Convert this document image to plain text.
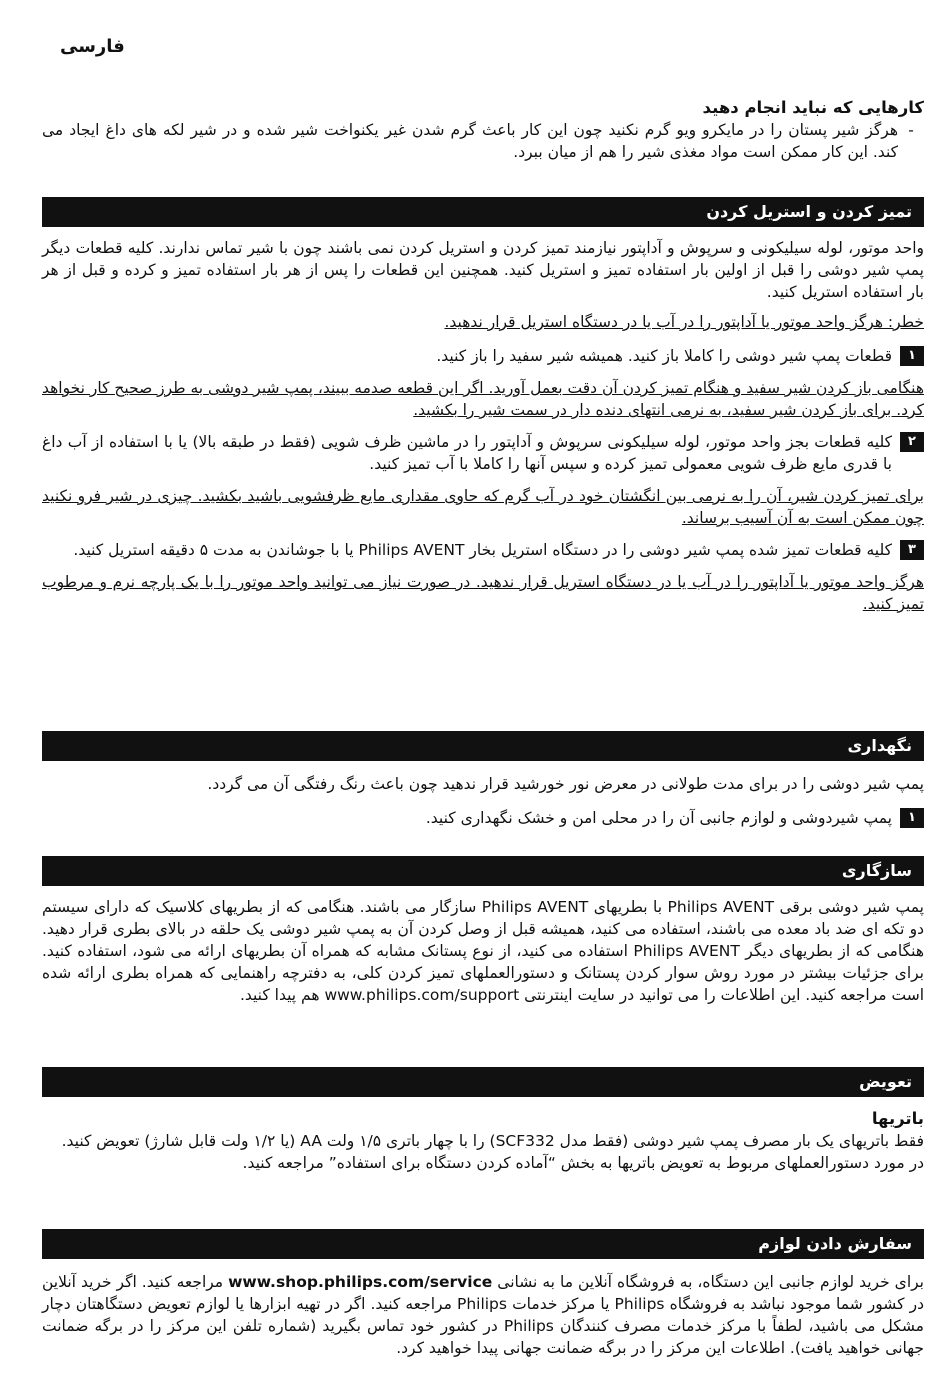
فارسی
کارهایی که نباید انجام دهید
-
هرگز شیر پستان را در مایکرو ویو گرم نکنید چون این کار باعث گرم شدن غیر یکنواخت شیر شده و در شیر لکه های داغ ایجاد می کند. این کار ممکن است مواد مغذی شیر را هم از میان ببرد.
تمیز کردن و استریل کردن
واحد موتور، لوله سیلیکونی و سرپوش و آداپتور نیازمند تمیز کردن و استریل کردن نمی باشند چون با شیر تماس ندارند. کلیه قطعات دیگر پمپ شیر دوشی را قبل از اولین بار استفاده تمیز و استریل کنید. همچنین این قطعات را پس از هر بار استفاده تمیز و کرده و قبل از هر بار استفاده استریل کنید.
خطر: هرگز واحد موتور یا آداپتور را در آب یا در دستگاه استریل قرار ندهید.
۱
قطعات پمپ شیر دوشی را کاملا باز کنید. همیشه شیر سفید را باز کنید.
هنگامی باز کردن شیر سفید و هنگام تمیز کردن آن دقت بعمل آورید. اگر این قطعه صدمه ببیند، پمپ شیر دوشی به طرز صحیح کار نخواهد کرد. برای باز کردن شیر سفید، به نرمی انتهای دنده دار در سمت شیر را بکشید.
۲
کلیه قطعات بجز واحد موتور، لوله سیلیکونی سرپوش و آداپتور را در ماشین ظرف شویی (فقط در طبقه بالا) یا با استفاده از آب داغ با قدری مایع ظرف شویی معمولی تمیز کرده و سپس آنها را کاملا با آب تمیز کنید.
برای تمیز کردن شیر، آن را به نرمی بین انگشتان خود در آب گرم که حاوی مقداری مایع ظرفشویی باشید بکشید. چیزی در شیر فرو نکنید چون ممکن است به آن آسیب برساند.
۳
کلیه قطعات تمیز شده پمپ شیر دوشی را در دستگاه استریل بخار Philips AVENT یا با جوشاندن به مدت ۵ دقیقه استریل کنید.
هرگز واحد موتور یا آداپتور را در آب یا در دستگاه استریل قرار ندهید. در صورت نیاز می توانید واحد موتور را با یک پارچه نرم و مرطوب تمیز کنید.
نگهداری
پمپ شیر دوشی را در برای مدت طولانی در معرض نور خورشید قرار ندهید چون باعث رنگ رفتگی آن می گردد.
۱
پمپ شیردوشی و لوازم جانبی آن را در محلی امن و خشک نگهداری کنید.
سازگاری
پمپ شیر دوشی برقی Philips AVENT با بطریهای Philips AVENT سازگار می باشند. هنگامی که از بطریهای کلاسیک که دارای سیستم دو تکه ای ضد باد معده می باشند، استفاده می کنید، همیشه قبل از وصل کردن آن به پمپ شیر دوشی یک حلقه در بالای بطری قرار دهید. هنگامی که از بطریهای دیگر Philips AVENT استفاده می کنید، از نوع پستانک مشابه که همراه آن بطریهای ارائه می شود، استفاده کنید. برای جزئیات بیشتر در مورد روش سوار کردن پستانک و دستورالعملهای تمیز کردن کلی، به دفترچه راهنمایی که همراه بطری ارائه شده است مراجعه کنید. این اطلاعات را می توانید در سایت اینترنتی www.philips.com/support هم پیدا کنید.
تعویض
باتریها
فقط باتریهای یک بار مصرف پمپ شیر دوشی (فقط مدل SCF332) را با چهار باتری ۱/۵ ولت AA (یا ۱/۲ ولت قابل شارژ) تعویض کنید.
در مورد دستورالعملهای مربوط به تعویض باتریها به بخش “آماده کردن دستگاه برای استفاده” مراجعه کنید.
سفارش دادن لوازم
برای خرید لوازم جانبی این دستگاه، به فروشگاه آنلاین ما به نشانی www.shop.philips.com/service مراجعه کنید. اگر خرید آنلاین در کشور شما موجود نباشد به فروشگاه Philips یا مرکز خدمات Philips مراجعه کنید. اگر در تهیه ابزارها یا لوازم تعویض دستگاهتان دچار مشکل می باشید، لطفاً با مرکز خدمات مصرف کنندگان Philips در کشور خود تماس بگیرید (شماره تلفن این مرکز را در برگه ضمانت جهانی خواهید یافت). اطلاعات این مرکز را در برگه ضمانت جهانی پیدا خواهید کرد.
